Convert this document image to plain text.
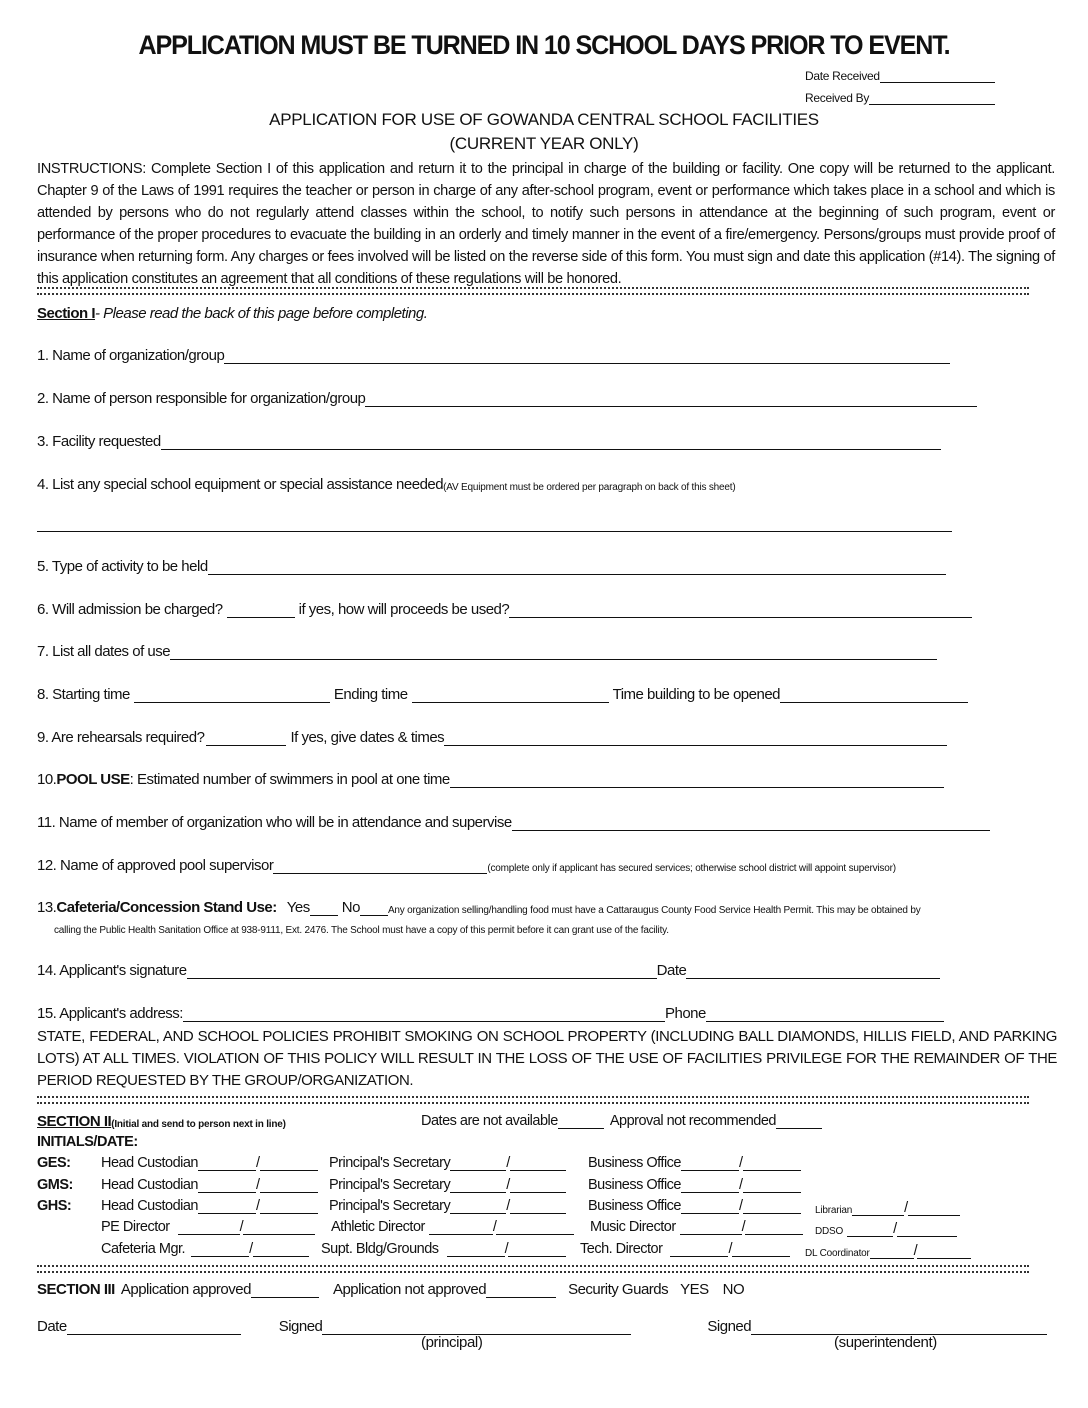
APPLICATION MUST BE TURNED IN 10 SCHOOL DAYS PRIOR TO EVENT.
Date Received
Received By
APPLICATION FOR USE OF GOWANDA CENTRAL SCHOOL FACILITIES
(CURRENT YEAR ONLY)
INSTRUCTIONS: Complete Section I of this application and return it to the principal in charge of the building or facility. One copy will be returned to the applicant. Chapter 9 of the Laws of 1991 requires the teacher or person in charge of any after-school program, event or performance which takes place in a school and which is attended by persons who do not regularly attend classes within the school, to notify such persons in attendance at the beginning of such program, event or performance of the proper procedures to evacuate the building in an orderly and timely manner in the event of a fire/emergency. Persons/groups must provide proof of insurance when returning form. Any charges or fees involved will be listed on the reverse side of this form. You must sign and date this application (#14). The signing of this application constitutes an agreement that all conditions of these regulations will be honored.
Section I - Please read the back of this page before completing.
1. Name of organization/group
2. Name of person responsible for organization/group
3. Facility requested
4. List any special school equipment or special assistance needed (AV Equipment must be ordered per paragraph on back of this sheet)
5. Type of activity to be held
6. Will admission be charged?	if yes, how will proceeds be used?
7. List all dates of use
8. Starting time	Ending time	Time building to be opened
9. Are rehearsals required?	If yes, give dates & times
10. POOL USE : Estimated number of swimmers in pool at one time
11. Name of member of organization who will be in attendance and supervise
12. Name of approved pool supervisor	(complete only if applicant has secured services; otherwise school district will appoint supervisor)
13. Cafeteria/Concession Stand Use: Yes No	Any organization selling/handling food must have a Cattaraugus County Food Service Health Permit. This may be obtained by
calling the Public Health Sanitation Office at 938-9111, Ext. 2476. The School must have a copy of this permit before it can grant use of the facility.
14. Applicant's signature	Date
15. Applicant's address:	Phone
STATE, FEDERAL, AND SCHOOL POLICIES PROHIBIT SMOKING ON SCHOOL PROPERTY (INCLUDING BALL DIAMONDS, HILLIS FIELD, AND PARKING LOTS) AT ALL TIMES. VIOLATION OF THIS POLICY WILL RESULT IN THE LOSS OF THE USE OF FACILITIES PRIVILEGE FOR THE REMAINDER OF THE PERIOD REQUESTED BY THE GROUP/ORGANIZATION.
SECTION II (Initial and send to person next in line)	Dates are not available	Approval not recommended
INITIALS/DATE:
GES: Head Custodian	/	Principal's Secretary	/	Business Office	/
GMS: Head Custodian	/	Principal's Secretary	/	Business Office	/
GHS: Head Custodian	/	Principal's Secretary	/	Business Office	/	Librarian	/
PE Director	/	Athletic Director	/	Music Director	/	DDSO	/
Cafeteria Mgr.	/	Supt. Bldg/Grounds	/	Tech. Director	/	DL Coordinator	/
SECTION III Application approved	Application not approved	Security Guards YES NO
Date	Signed	Signed
(principal)	(superintendent)
